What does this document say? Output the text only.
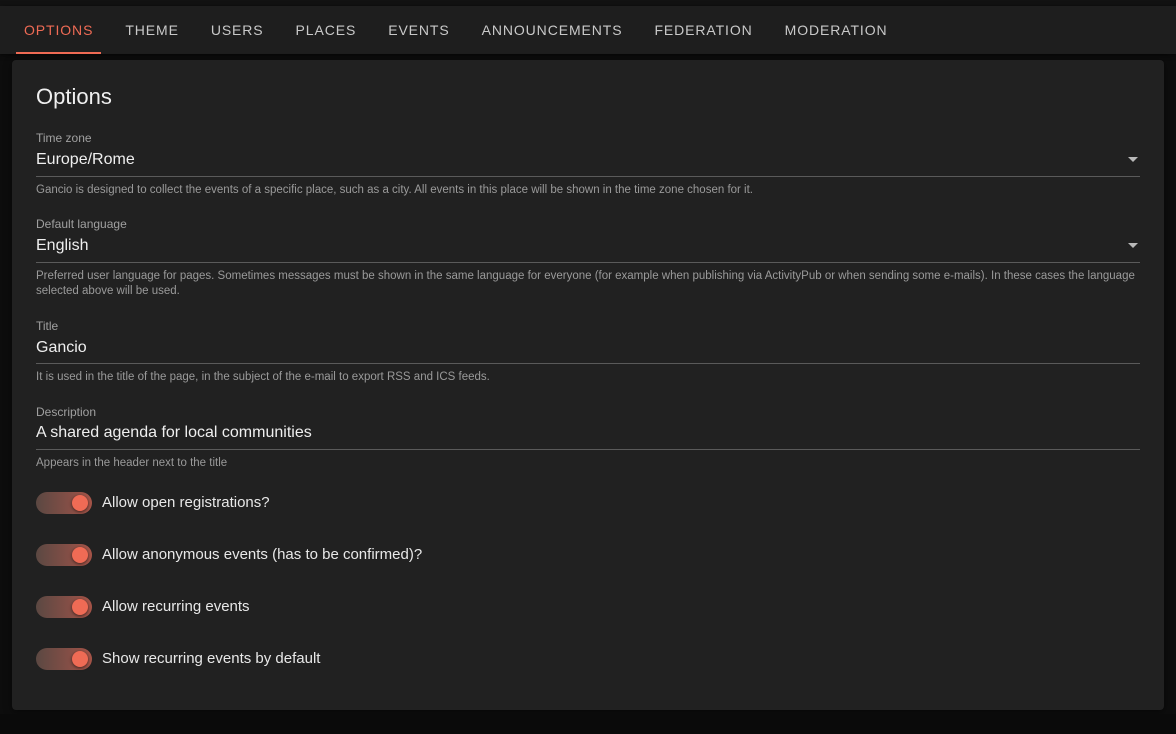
OPTIONS THEME USERS PLACES EVENTS ANNOUNCEMENTS FEDERATION MODERATION
Options
Time zone
Europe/Rome
Gancio is designed to collect the events of a specific place, such as a city. All events in this place will be shown in the time zone chosen for it.
Default language
English
Preferred user language for pages. Sometimes messages must be shown in the same language for everyone (for example when publishing via ActivityPub or when sending some e-mails). In these cases the language selected above will be used.
Title
Gancio
It is used in the title of the page, in the subject of the e-mail to export RSS and ICS feeds.
Description
A shared agenda for local communities
Appears in the header next to the title
Allow open registrations?
Allow anonymous events (has to be confirmed)?
Allow recurring events
Show recurring events by default
